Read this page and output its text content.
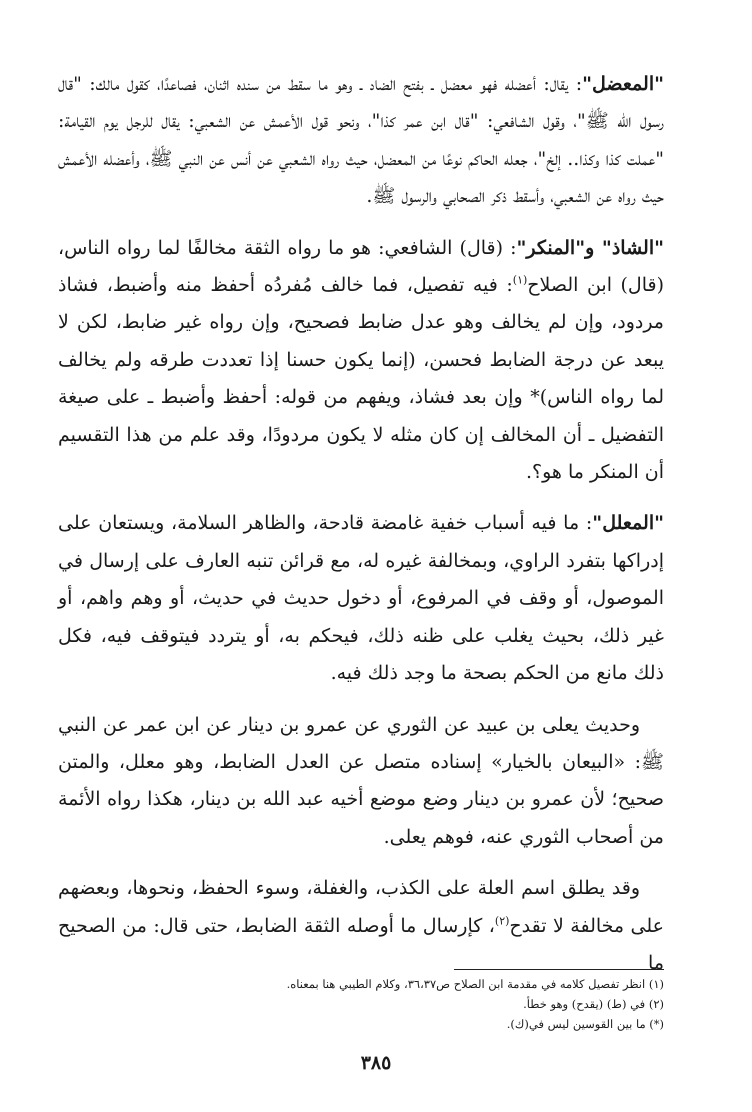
"المعضل": يقال: أعضله فهو معضل ـ بفتح الضاد ـ وهو ما سقط من سنده اثنان، فصاعدًا، كقول مالك: "قال رسول الله ﷺ"، وقول الشافعي: "قال ابن عمر كذا"، ونحو قول الأعمش عن الشعبي: يقال للرجل يوم القيامة: "عملت كذا وكذا.. إلخ"، جعله الحاكم نوعًا من المعضل، حيث رواه الشعبي عن أنس عن النبي ﷺ، وأعضله الأعمش حيث رواه عن الشعبي، وأسقط ذكر الصحابي والرسول ﷺ.

"الشاذ" و"المنكر": (قال) الشافعي: هو ما رواه الثقة مخالفًا لما رواه الناس، (قال) ابن الصلاح$^{(١)}$: فيه تفصيل، فما خالف مُفردُه أحفظ منه وأضبط، فشاذ مردود، وإن لم يخالف وهو عدل ضابط فصحيح، وإن رواه غير ضابط، لكن لا يبعد عن درجة الضابط فحسن، (إنما يكون حسنا إذا تعددت طرقه ولم يخالف لما رواه الناس)* وإن بعد فشاذ، ويفهم من قوله: أحفظ وأضبط ـ على صيغة التفضيل ـ أن المخالف إن كان مثله لا يكون مردودًا، وقد علم من هذا التقسيم أن المنكر ما هو؟.

"المعلل": ما فيه أسباب خفية غامضة قادحة، والظاهر السلامة، ويستعان على إدراكها بتفرد الراوي، وبمخالفة غيره له، مع قرائن تنبه العارف على إرسال في الموصول، أو وقف في المرفوع، أو دخول حديث في حديث، أو وهم واهم، أو غير ذلك، بحيث يغلب على ظنه ذلك، فيحكم به، أو يتردد فيتوقف فيه، فكل ذلك مانع من الحكم بصحة ما وجد ذلك فيه.

وحديث يعلى بن عبيد عن الثوري عن عمرو بن دينار عن ابن عمر عن النبي ﷺ: «البيعان بالخيار» إسناده متصل عن العدل الضابط، وهو معلل، والمتن صحيح؛ لأن عمرو بن دينار وضع موضع أخيه عبد الله بن دينار، هكذا رواه الأئمة من أصحاب الثوري عنه، فوهم يعلى.

وقد يطلق اسم العلة على الكذب، والغفلة، وسوء الحفظ، ونحوها، وبعضهم على مخالفة لا تقدح$^{(٢)}$، كإرسال ما أوصله الثقة الضابط، حتى قال: من الصحيح ما

(١) انظر تفصيل كلامه في مقدمة ابن الصلاح ص٣٦،٣٧، وكلام الطيبي هنا بمعناه.

(٢) في (ط) (يقدح) وهو خطأ.

(*) ما بين القوسين ليس في(ك).

٣٨٥
